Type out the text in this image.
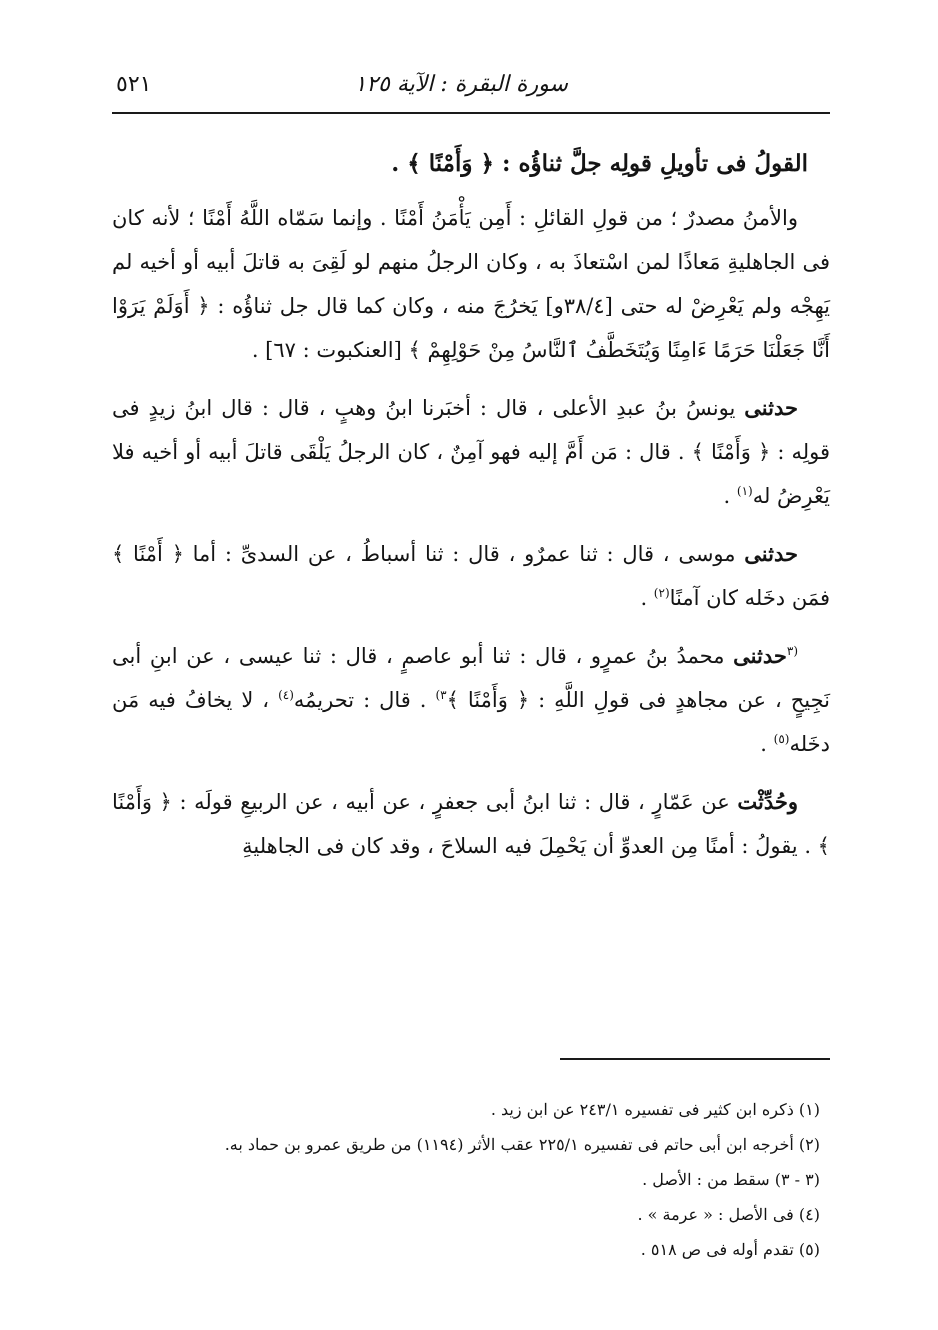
سورة البقرة : الآية ١٢٥
٥٢١

القولُ فى تأويلِ قولِه جلَّ ثناؤُه : ﴿ وَأَمْنًا ﴾ .

والأمنُ مصدرٌ ؛ من قولِ القائلِ : أَمِن يَأْمَنُ أَمْنًا . وإنما سَمّاه اللَّهُ أَمْنًا ؛ لأنه كان فى الجاهليةِ مَعاذًا لمن اسْتعاذَ به ، وكان الرجلُ منهم لو لَقِىَ به قاتلَ أبيه أو أخيه لم يَهِجْه ولم يَعْرِضْ له حتى [٣٨/٤و] يَخرُجَ منه ، وكان كما قال جل ثناؤُه : ﴿ أَوَلَمْ يَرَوْا أَنَّا جَعَلْنَا حَرَمًا ءَامِنًا وَيُتَخَطَّفُ ٱلنَّاسُ مِنْ حَوْلِهِمْ ﴾ [العنكبوت : ٦٧] .

حدثنى يونسُ بنُ عبدِ الأعلى ، قال : أخبَرنا ابنُ وهبٍ ، قال : قال ابنُ زيدٍ فى قولِه : ﴿ وَأَمْنًا ﴾ . قال : مَن أَمَّ إليه فهو آمِنٌ ، كان الرجلُ يَلْقَى قاتلَ أبيه أو أخيه فلا يَعْرِضُ له$^{(١)}$ .

حدثنى موسى ، قال : ثنا عمرٌو ، قال : ثنا أسباطُ ، عن السدىِّ : أما ﴿ أَمْنًا ﴾ فمَن دخَله كان آمنًا$^{(٢)}$ .

$^{(٣}$حدثنى محمدُ بنُ عمرٍو ، قال : ثنا أبو عاصمٍ ، قال : ثنا عيسى ، عن ابنِ أبى نَجِيحٍ ، عن مجاهدٍ فى قولِ اللَّهِ : ﴿ وَأَمْنًا ﴾$^{٣)}$ . قال : تحريمُه$^{(٤)}$ ، لا يخافُ فيه مَن دخَله$^{(٥)}$ .

وحُدِّثْت عن عَمّارٍ ، قال : ثنا ابنُ أبى جعفرٍ ، عن أبيه ، عن الربيعِ قولَه : ﴿ وَأَمْنًا ﴾ . يقولُ : أمنًا مِن العدوِّ أن يَحْمِلَ فيه السلاحَ ، وقد كان فى الجاهليةِ

(١) ذكره ابن كثير فى تفسيره ٢٤٣/١ عن ابن زيد .

(٢) أخرجه ابن أبى حاتم فى تفسيره ٢٢٥/١ عقب الأثر (١١٩٤) من طريق عمرو بن حماد به.

(٣ - ٣) سقط من : الأصل .

(٤) فى الأصل : « عرمة » .

(٥) تقدم أوله فى ص ٥١٨ .
